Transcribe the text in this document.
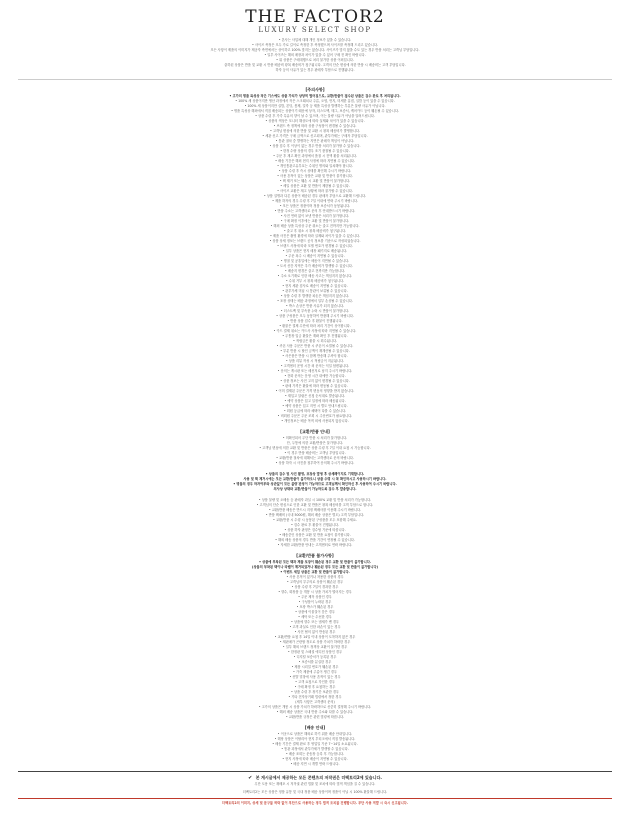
THE FACTOR2
LUXURY SELECT SHOP
• 본사는 사업체 대해 개인 정보가 있을 수 있습니다.
• 사이즈 측정은 모두 가로 길이로 측정한 후 측정했으며 사이즈를 측정해 드리고 있습니다.
모든 사항이 제품의 이미지가 제공자 측면에서는 상이하고 100% 맞지는 않습니다. 사이즈가 맞지 않을 수도 있는 경우 반품 처리는 고객님 부담입니다.
• 일부 사이즈는 해외 매장과 차이가 있을 수 있어 구매 전 확인 바랍니다.
• 위 상품은 구매대행으로 처리 불가한 상품 이외입니다.
출하된 상품은 반품 및 교환 시 반품 배송비 왕복 배송비가 청구됩니다. 고객의 단순 변심에 의한 반품 시 배송비는 고객 부담입니다.
하자 등의 사유가 있는 경우 판매자 부담으로 진행됩니다.
[주의사항]
• 고가의 명품 특성상 작은 기스에도 상품 가치가 상당히 떨어짐으로, 교환/반품이 접수된 상품은 검수 완료 후 처리됩니다.
• 100% 새 상품이지만 생산 과정에서 작은 스크래치나 주름, 오염, 먼지, 미세한 흠집, 실밥 등이 있을 수 있습니다.
• 100% 새 상품이지만 실밥, 본딩, 봉제, 얼룩 등 제품 특성상 발생하는 부분은 불량 사유가 아닙니다.
• 명품 특성상 해외에서 직접 배송되는 상품이기 때문에 상자, 더스트백, 태그, 보증서, 케어카드 등이 훼손될 수 있습니다.
• 상품 수령 후 가죽 특유의 향이 날 수 있으며, 이는 불량 사유가 아님을 알려드립니다.
• 상품의 색상은 모니터 해상도에 따라 실제와 차이가 있을 수 있습니다.
• 브랜드 측 정책에 따라 상품 구성품이 변경될 수 있습니다.
• 고객님 변심에 의한 반품 및 교환 시 왕복 배송비가 발생합니다.
• 세관 신고 가격은 구매 금액으로 신고되며, 관부가세는 구매자 부담입니다.
• 통관 절차 중 발생하는 지연은 판매자 책임이 아닙니다.
• 상품 검수 후 이상이 없는 경우 반품 처리가 불가할 수 있습니다.
• 한정 수량 상품의 경우 조기 품절될 수 있습니다.
• 주문 후 재고 확인 과정에서 품절 시 전액 환불 처리됩니다.
• 배송 기간은 해외 현지 사정에 따라 지연될 수 있습니다.
• 개인통관고유부호는 수취인 명의와 일치해야 합니다.
• 상품 수령 후 즉시 상태를 확인해 주시기 바랍니다.
• 사용 흔적이 있는 상품은 교환 및 반품이 불가합니다.
• 택 제거 또는 훼손 시 교환 및 반품이 불가합니다.
• 세일 상품은 교환 및 반품이 제한될 수 있습니다.
• 사이즈 교환은 재고 상황에 따라 불가할 수 있습니다.
• 상품 설명과 다른 상품이 배송된 경우 판매자 부담으로 교환해 드립니다.
• 제품 하자의 경우 수령 후 7일 이내에 연락 주시기 바랍니다.
• 모든 상품은 정품이며 정품 보증서가 동봉됩니다.
• 반품 주소는 고객센터로 문의 후 안내받으시기 바랍니다.
• 사전 연락 없이 보낸 반품은 처리가 불가합니다.
• 구매 확정 이후에는 교환 및 반품이 불가합니다.
• 해외 배송 상품 특성상 주문 취소는 출고 전까지만 가능합니다.
• 출고 후 취소 시 왕복 배송비가 청구됩니다.
• 제품 사진은 촬영 환경에 따라 실제와 차이가 있을 수 있습니다.
• 상품 상세 정보는 브랜드 공식 정보를 기준으로 작성되었습니다.
• 브랜드 사정에 따라 모델 번호가 변경될 수 있습니다.
• 일부 상품은 현지 매장 패키지로 배송됩니다.
• 주문 폭주 시 배송이 지연될 수 있습니다.
• 명절 및 공휴일에는 배송이 지연될 수 있습니다.
• 도서 산간 지역은 추가 배송비가 발생할 수 있습니다.
• 배송지 변경은 출고 전까지만 가능합니다.
• 주소 오기재로 인한 배송 사고는 책임지지 않습니다.
• 수취 거부 시 왕복 배송비가 청구됩니다.
• 현지 세관 검사로 배송이 지연될 수 있습니다.
• 관부가세 미납 시 통관이 보류될 수 있습니다.
• 상품 수령 후 발생한 파손은 책임지지 않습니다.
• 포장 상태는 배송 과정에서 일부 손상될 수 있습니다.
• 박스 손상은 반품 사유가 되지 않습니다.
• 더스트백 및 부속품 누락 시 반품이 불가합니다.
• 상품 구성품은 모두 동봉하여 반품해 주시기 바랍니다.
• 반품 상품 검수 후 환불이 진행됩니다.
• 환불은 결제 수단에 따라 처리 기간이 상이합니다.
• 카드 결제 취소는 카드사 사정에 따라 지연될 수 있습니다.
• 무통장 입금 환불은 계좌 확인 후 진행됩니다.
• 적립금은 환불 시 회수됩니다.
• 쿠폰 사용 주문은 반품 시 쿠폰이 소멸될 수 있습니다.
• 부분 반품 시 할인 금액이 재계산될 수 있습니다.
• 사은품은 반품 시 함께 반송해 주셔야 합니다.
• 상품 리뷰 작성 시 적립금이 지급됩니다.
• 고객센터 운영 시간 외 문의는 익일 답변됩니다.
• 문의는 게시판 또는 메신저로 남겨 주시기 바랍니다.
• 전화 문의는 운영 시간 내에만 가능합니다.
• 상품 정보는 사전 고지 없이 변경될 수 있습니다.
• 판매 가격은 환율에 따라 변동될 수 있습니다.
• 이미 결제된 주문은 가격 변동의 영향을 받지 않습니다.
• 재입고 알림은 신청 순서대로 발송됩니다.
• 예약 상품은 입고 일정에 따라 배송됩니다.
• 예약 상품은 입고 지연 시 별도 안내드립니다.
• 회원 등급에 따라 혜택이 다를 수 있습니다.
• 비회원 주문은 주문 조회 시 주문번호가 필요합니다.
• 개인정보는 배송 목적 외에 사용되지 않습니다.
[교환/반품 안내]
• 미확인되어 무단 반품 시 처리가 불가합니다.
단, 두통에 의한 교환/반품은 불가합니다.
• 고객님 변심에 의한 교환 및 반품은 상품 수령 후 7일 이내 요청 시 가능합니다.
• 이 경우 반품 배송비는 고객님 부담입니다.
• 교환/반품 절차에 대해서는 고객센터로 문의 바랍니다.
• 상품 하자 시 사진을 첨부하여 문의해 주시기 바랍니다.
• 상품의 검수 및 사진 촬영, 포장상 발생 후 상세페이지로 기재합니다.
사용 및 택 제거시에는 모든 교환/반품이 불가하오니 상품 수령 시 꼭 확인하시고 사용하시기 바랍니다.
• 명품의 경우 하자여부와 상관없이 모든 불량 판정이 가능하므로 고객님께서 확인하신 후 사용하여 주시기 바랍니다.
의사상 상태와 교환/반품이 가능하도록 검수 후 발송합니다.
• 상품 불량 및 오배송 등 판매자 과실 시 100% 교환 및 반품 처리가 가능합니다.
• 고객님의 단순 변심으로 인한 교환 및 반품은 왕복 배송비를 고객 부담으로 합니다.
• 교환/반품 배송은 반드시 지정 택배사를 이용해 주시기 바랍니다.
• 반품 택배비 (국내 5000원, 해외 배송 상품은 별도) 고객 부담입니다.
• 교환/반품 시 수령 시 동봉된 구성품을 모두 포함해 주세요.
• 검수 완료 후 환불이 진행됩니다.
• 상품 하자 판정은 검수팀 기준에 따릅니다.
• 배송중인 상품은 교환 및 반품 요청이 불가합니다.
• 해외 배송 상품의 경우 반품 기간이 연장될 수 있습니다.
• 자세한 교환/반품 안내는 고객센터로 연락 바랍니다.
[교환/반품 불가사항]
• 상품에 부착된 모든 택과 제품 포장이 훼손된 경우 교환 및 반품이 불가합니다.
(상품의 부착된 택이나 라벨이 제거되었거나 훼손된 경우 모든 교환 및 반품이 불가합니다)
• 이벤트 세일 상품은 교환 및 반품이 불가합니다.
• 사용 흔적이 있거나 착용한 상품의 경우
• 고객님의 부주의로 상품이 훼손된 경우
• 상품 수령 후 7일이 경과한 경우
• 향수, 화장품 등 개봉 시 상품 가치가 떨어지는 경우
• 주문 제작 상품인 경우
• 구성품이 누락된 경우
• 포장 박스가 훼손된 경우
• 상품에 이물질이 묻은 경우
• 세탁 또는 수선한 경우
• 상품에 향수 또는 냄새가 밴 경우
• 고객 과실로 인한 파손이 있는 경우
• 사전 협의 없이 반송된 경우
• 교환/반품 요청 후 14일 이내 상품이 도착하지 않은 경우
• 재판매가 곤란할 정도로 상품 가치가 하락한 경우
• 일부 해외 브랜드 정책상 교환이 불가한 경우
• 한정판 및 스페셜 에디션 상품인 경우
• 디지털 보증서가 등록된 경우
• 보증서를 분실한 경우
• 제품 시리얼 번호가 훼손된 경우
• 가죽 제품에 주름이 생긴 경우
• 신발 밑창에 사용 흔적이 있는 경우
• 고객 요청으로 각인한 경우
• 구매 확정 후 요청하는 경우
• 상품 수령 후 장기간 보관한 경우
• 기타 전자상거래 법령에서 정한 경우
(세부 사항은 고객센터 문의)
• 고가의 상품은 개봉 시 상품 가치가 하락하므로 신중히 결정해 주시기 바랍니다.
• 해외 배송 상품은 국내 반품 주소와 다를 수 있습니다.
• 교환/반품 규정은 관련 법령에 따릅니다.
[배송 안내]
• 이곳으로 상품은 해외로 하기 위한 배송 안내입니다.
• 해당 상품은 이탈리아 현지 부티크에서 직접 발송됩니다.
• 배송 기간은 결제 완료 후 영업일 기준 7~14일 소요됩니다.
• 통관 과정에서 관부가세가 발생할 수 있습니다.
• 배송 조회는 운송장 등록 후 가능합니다.
• 현지 사정에 따라 배송이 지연될 수 있습니다.
• 배송 지연 시 개별 연락 드립니다.
✔ 본 게시글에서 제공하는 모든 콘텐츠의 저작권은 더팩토리2에 있습니다.
무단 도용 또는 재배포 시 저작권 관련 법률 및 조치에 따라 법적 책임을 질 수 있습니다.
더팩토리2는 모든 상품은 정품 유통 및 국내 정품 배송 상품이며 정품이 아닐 시 100% 환불해 드립니다.
더팩토리2의 이미지, 상세 및 문구를 허락 없이 무단으로 사용하는 경우 법적 조치를 진행합니다. 무단 사용 적발 시 즉시 신고됩니다.
